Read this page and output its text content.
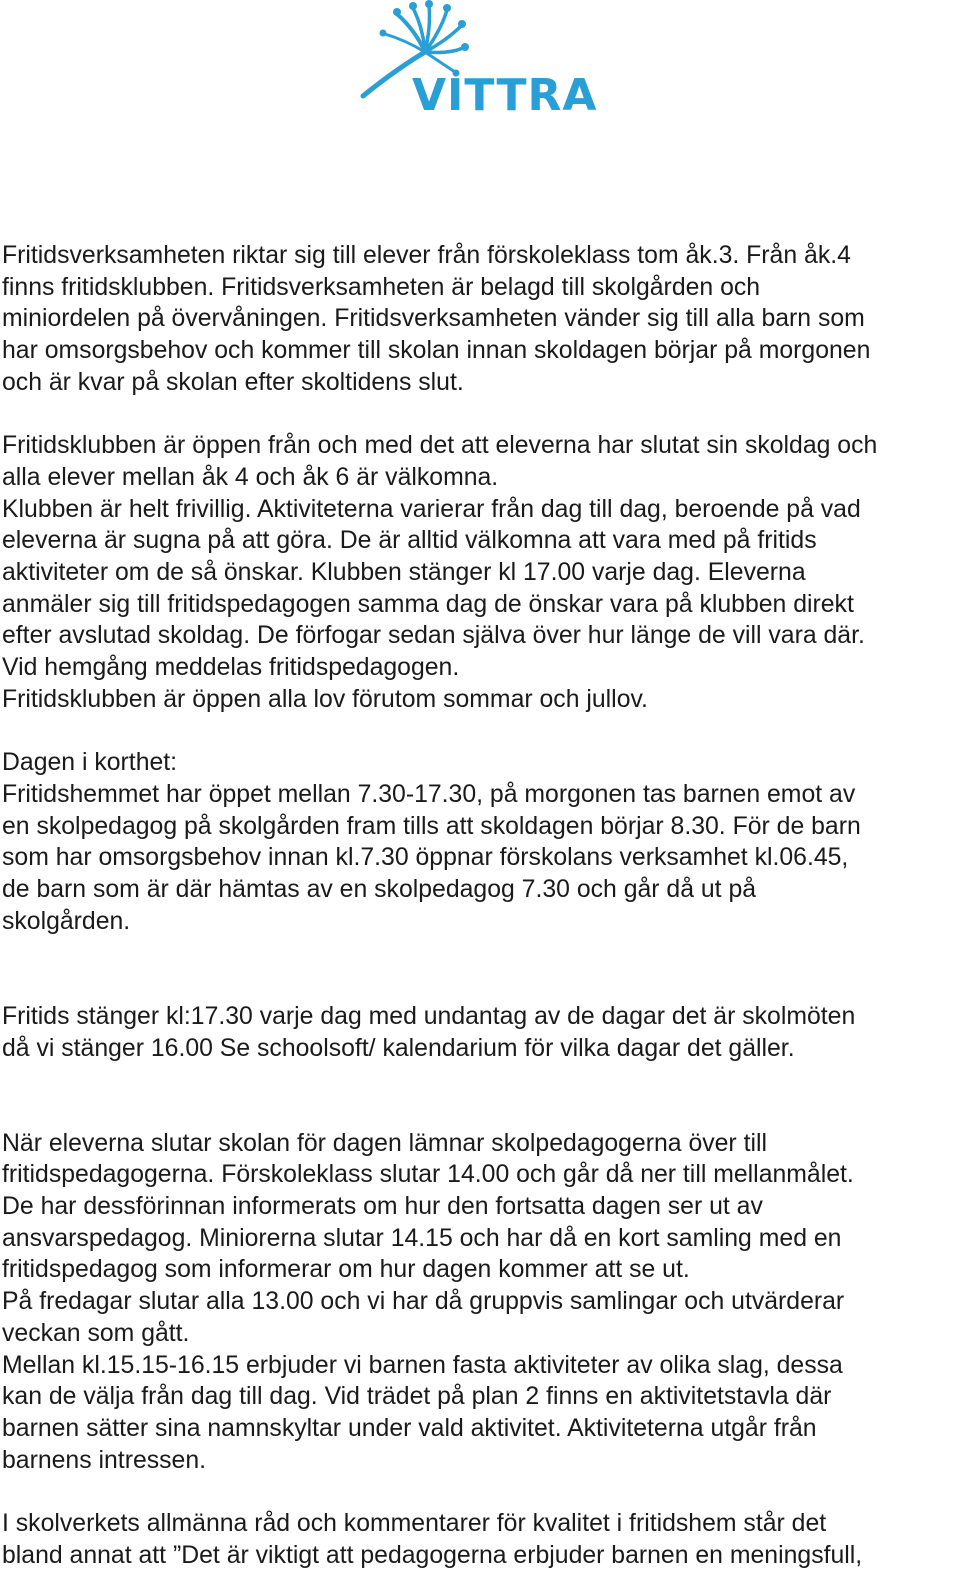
VITTRA
Fritidsverksamheten riktar sig till elever från förskoleklass tom åk.3. Från åk.4
finns fritidsklubben. Fritidsverksamheten är belagd till skolgården och
miniordelen på övervåningen. Fritidsverksamheten vänder sig till alla barn som
har omsorgsbehov och kommer till skolan innan skoldagen börjar på morgonen
och är kvar på skolan efter skoltidens slut.
Fritidsklubben är öppen från och med det att eleverna har slutat sin skoldag och
alla elever mellan åk 4 och åk 6 är välkomna.
Klubben är helt frivillig. Aktiviteterna varierar från dag till dag, beroende på vad
eleverna är sugna på att göra. De är alltid välkomna att vara med på fritids
aktiviteter om de så önskar. Klubben stänger kl 17.00 varje dag. Eleverna
anmäler sig till fritidspedagogen samma dag de önskar vara på klubben direkt
efter avslutad skoldag. De förfogar sedan själva över hur länge de vill vara där.
Vid hemgång meddelas fritidspedagogen.
Fritidsklubben är öppen alla lov förutom sommar och jullov.
Dagen i korthet:
Fritidshemmet har öppet mellan 7.30-17.30, på morgonen tas barnen emot av
en skolpedagog på skolgården fram tills att skoldagen börjar 8.30. För de barn
som har omsorgsbehov innan kl.7.30 öppnar förskolans verksamhet kl.06.45,
de barn som är där hämtas av en skolpedagog 7.30 och går då ut på
skolgården.
Fritids stänger kl:17.30 varje dag med undantag av de dagar det är skolmöten
då vi stänger 16.00 Se schoolsoft/ kalendarium för vilka dagar det gäller.
När eleverna slutar skolan för dagen lämnar skolpedagogerna över till
fritidspedagogerna. Förskoleklass slutar 14.00 och går då ner till mellanmålet.
De har dessförinnan informerats om hur den fortsatta dagen ser ut av
ansvarspedagog. Miniorerna slutar 14.15 och har då en kort samling med en
fritidspedagog som informerar om hur dagen kommer att se ut.
På fredagar slutar alla 13.00 och vi har då gruppvis samlingar och utvärderar
veckan som gått.
Mellan kl.15.15-16.15 erbjuder vi barnen fasta aktiviteter av olika slag, dessa
kan de välja från dag till dag. Vid trädet på plan 2 finns en aktivitetstavla där
barnen sätter sina namnskyltar under vald aktivitet. Aktiviteterna utgår från
barnens intressen.
I skolverkets allmänna råd och kommentarer för kvalitet i fritidshem står det
bland annat att ”Det är viktigt att pedagogerna erbjuder barnen en meningsfull,
